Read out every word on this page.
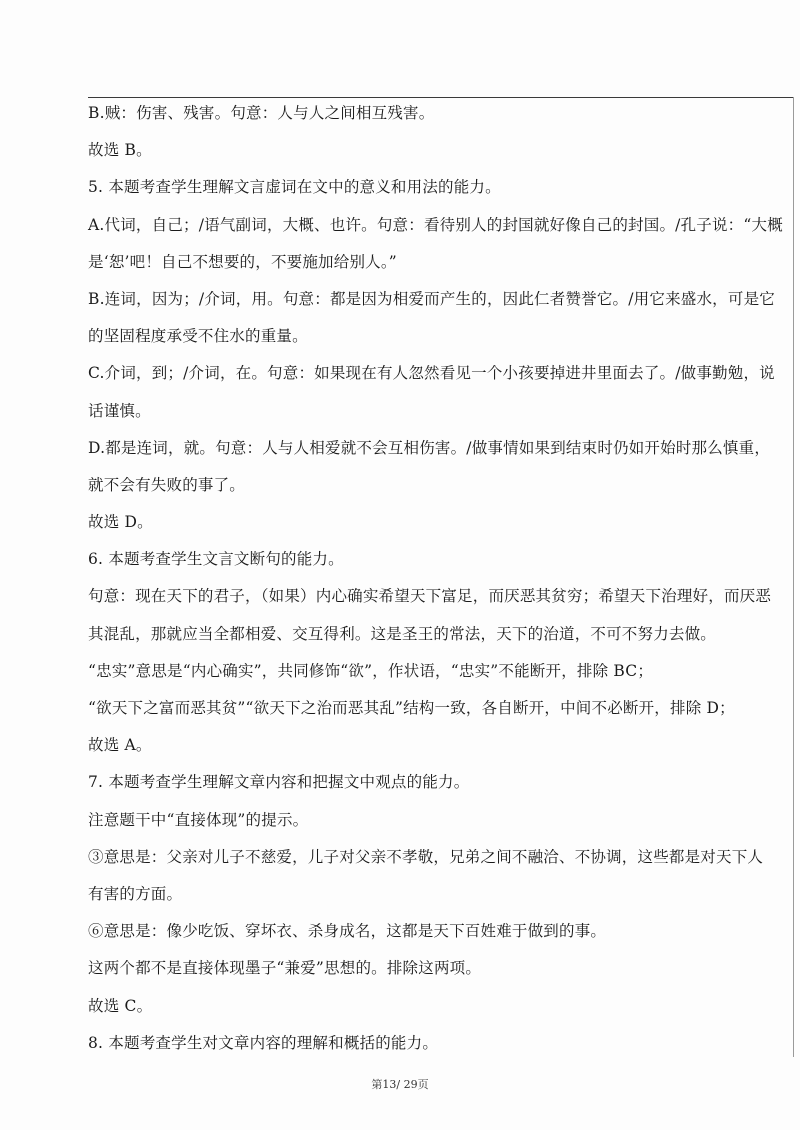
B.贼：伤害、残害。句意：人与人之间相互残害。

故选 B。

5. 本题考查学生理解文言虚词在文中的意义和用法的能力。

A.代词，自己；/语气副词，大概、也许。句意：看待别人的封国就好像自己的封国。/孔子说：“大概

是‘恕’吧！自己不想要的，不要施加给别人。”

B.连词，因为；/介词，用。句意：都是因为相爱而产生的，因此仁者赞誉它。/用它来盛水，可是它

的坚固程度承受不住水的重量。

C.介词，到；/介词，在。句意：如果现在有人忽然看见一个小孩要掉进井里面去了。/做事勤勉，说

话谨慎。

D.都是连词，就。句意：人与人相爱就不会互相伤害。/做事情如果到结束时仍如开始时那么慎重，

就不会有失败的事了。

故选 D。

6. 本题考查学生文言文断句的能力。

句意：现在天下的君子，（如果）内心确实希望天下富足，而厌恶其贫穷；希望天下治理好，而厌恶

其混乱，那就应当全都相爱、交互得利。这是圣王的常法，天下的治道，不可不努力去做。

“忠实”意思是“内心确实”，共同修饰“欲”，作状语，“忠实”不能断开，排除 BC；

“欲天下之富而恶其贫”“欲天下之治而恶其乱”结构一致，各自断开，中间不必断开，排除 D；

故选 A。

7. 本题考查学生理解文章内容和把握文中观点的能力。

注意题干中“直接体现”的提示。

③意思是：父亲对儿子不慈爱，儿子对父亲不孝敬，兄弟之间不融洽、不协调，这些都是对天下人

有害的方面。

⑥意思是：像少吃饭、穿坏衣、杀身成名，这都是天下百姓难于做到的事。

这两个都不是直接体现墨子“兼爱”思想的。排除这两项。

故选 C。

8. 本题考查学生对文章内容的理解和概括的能力。

第13/ 29页
